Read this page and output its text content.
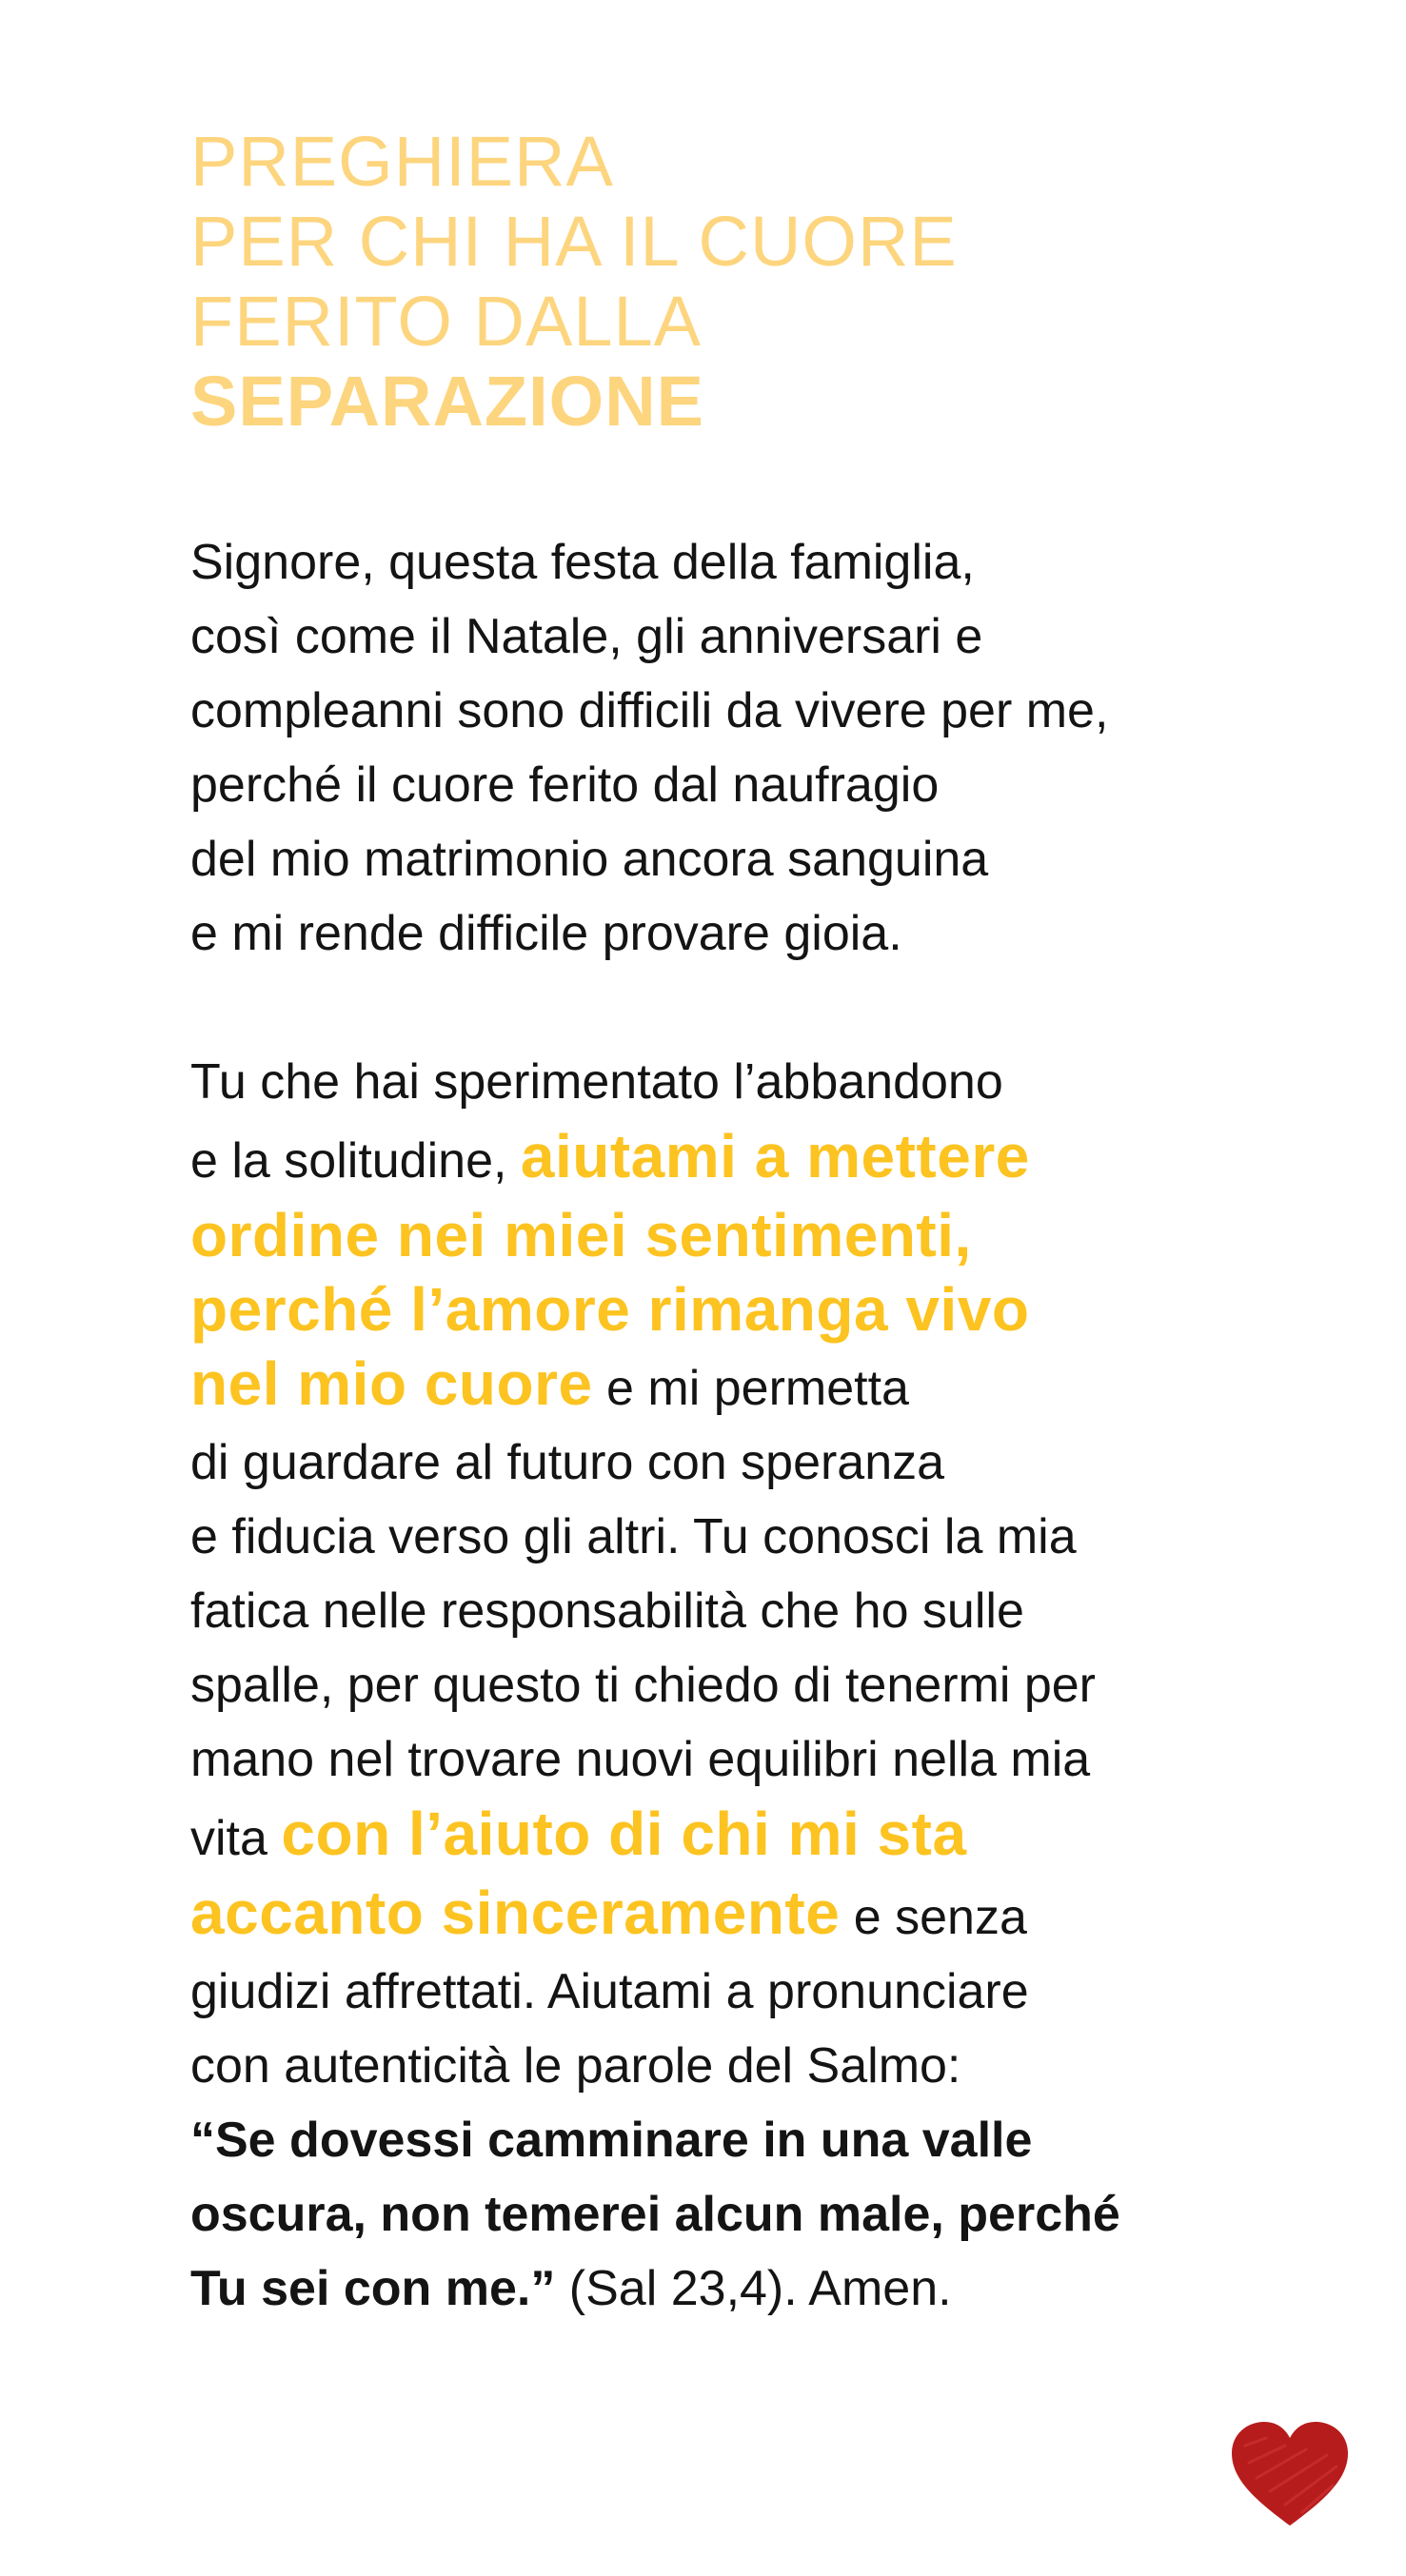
PREGHIERA
PER CHI HA IL CUORE
FERITO DALLA
SEPARAZIONE

Signore, questa festa della famiglia,
così come il Natale, gli anniversari e
compleanni sono difficili da vivere per me,
perché il cuore ferito dal naufragio
del mio matrimonio ancora sanguina
e mi rende difficile provare gioia.

Tu che hai sperimentato l’abbandono
e la solitudine, aiutami a mettere
ordine nei miei sentimenti,
perché l’amore rimanga vivo
nel mio cuore e mi permetta
di guardare al futuro con speranza
e fiducia verso gli altri. Tu conosci la mia
fatica nelle responsabilità che ho sulle
spalle, per questo ti chiedo di tenermi per
mano nel trovare nuovi equilibri nella mia
vita con l’aiuto di chi mi sta
accanto sinceramente e senza
giudizi affrettati. Aiutami a pronunciare
con autenticità le parole del Salmo:
“Se dovessi camminare in una valle
oscura, non temerei alcun male, perché
Tu sei con me.” (Sal 23,4). Amen.
